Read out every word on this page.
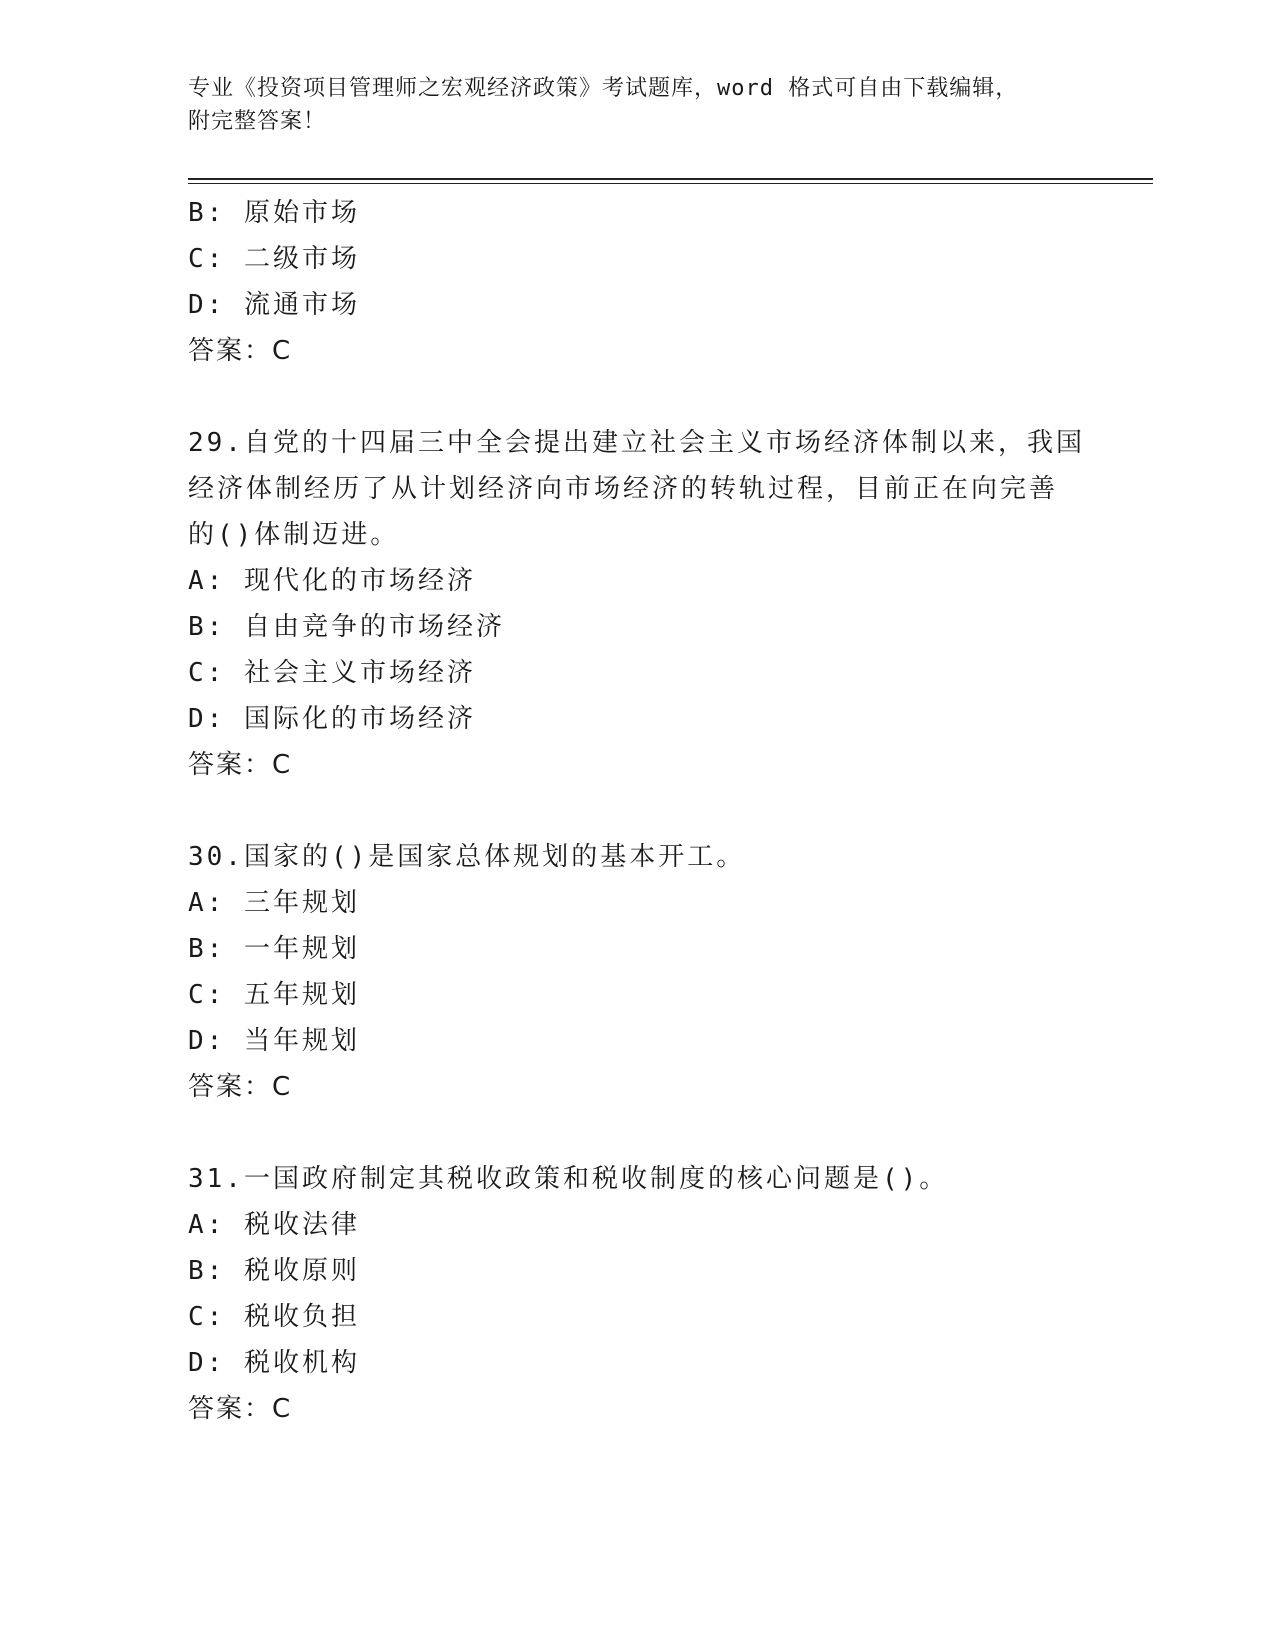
专业《投资项目管理师之宏观经济政策》考试题库，word 格式可自由下载编辑，
附完整答案！
B: 原始市场
C: 二级市场
D: 流通市场
答案：C
29.自党的十四届三中全会提出建立社会主义市场经济体制以来，我国
经济体制经历了从计划经济向市场经济的转轨过程，目前正在向完善
的()体制迈进。
A: 现代化的市场经济
B: 自由竞争的市场经济
C: 社会主义市场经济
D: 国际化的市场经济
答案：C
30.国家的()是国家总体规划的基本开工。
A: 三年规划
B: 一年规划
C: 五年规划
D: 当年规划
答案：C
31.一国政府制定其税收政策和税收制度的核心问题是()。
A: 税收法律
B: 税收原则
C: 税收负担
D: 税收机构
答案：C
